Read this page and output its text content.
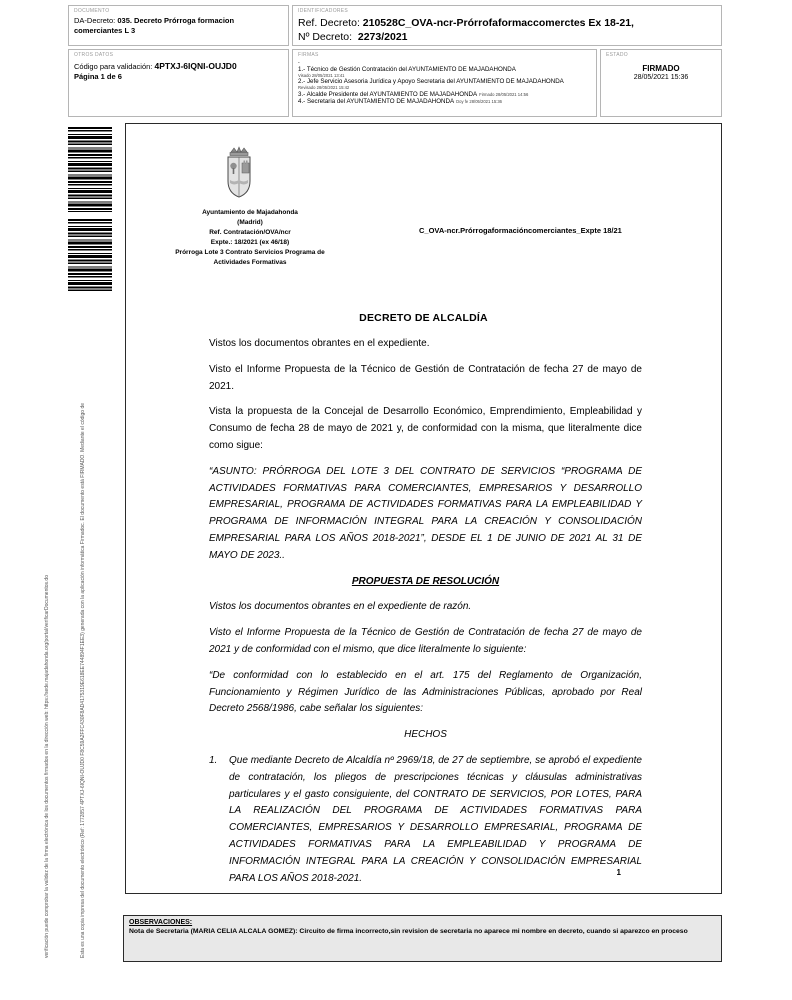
DOCUMENTO
DA-Decreto: 035. Decreto Prórroga formacion comerciantes L 3
IDENTIFICADORES
Ref. Decreto: 210528C_OVA-ncr-Prórrofaformaccomerctes Ex 18-21,
Nº Decreto: 2273/2021
OTROS DATOS
Código para validación: 4PTXJ-6IQNI-OUJD0
Página 1 de 6
FIRMAS
-
1.- Técnico de Gestión Contratación del AYUNTAMIENTO DE MAJADAHONDA
Visado 28/05/2021 13:41
2.- Jefe Servicio Asesoria Jurídica y Apoyo Secretaria del AYUNTAMIENTO DE MAJADAHONDA
Revisado 28/05/2021 15:42
3.- Alcalde Presidente del AYUNTAMIENTO DE MAJADAHONDA Firmado 28/05/2021 14:56
4.- Secretaria del AYUNTAMIENTO DE MAJADAHONDA Doy fe 28/05/2021 15:36
ESTADO
FIRMADO
28/05/2021 15:36
Esta es una copia impresa del documento electrónico (Ref: 1772857 4PTXJ-6IQNI-OUJD0 F8C59A2FFC430F8AD4175319E618EE744894F1EE3) generada con la aplicación informática Firmadoc. El documento está FIRMADO. Mediante el código de
verificación puede comprobar la validez de la firma electrónica de los documentos firmados en la dirección web: https://sede.majadahonda.org/portal/verificarDocumentos.do
Ayuntamiento de Majadahonda
(Madrid)
Ref. Contratación/OVA/ncr
Expte.: 18/2021 (ex 46/18)
Prórroga Lote 3 Contrato Servicios Programa de
Actividades Formativas
C_OVA-ncr.Prórrogaformacióncomerciantes_Expte 18/21
DECRETO DE ALCALDÍA

Vistos los documentos obrantes en el expediente.

Visto el Informe Propuesta de la Técnico de Gestión de Contratación de fecha 27 de mayo de 2021.

Vista la propuesta de la Concejal de Desarrollo Económico, Emprendimiento, Empleabilidad y Consumo de fecha 28 de mayo de 2021 y, de conformidad con la misma, que literalmente dice como sigue:

“ASUNTO: PRÓRROGA DEL LOTE 3 DEL CONTRATO DE SERVICIOS “PROGRAMA DE ACTIVIDADES FORMATIVAS PARA COMERCIANTES, EMPRESARIOS Y DESARROLLO EMPRESARIAL, PROGRAMA DE ACTIVIDADES FORMATIVAS PARA LA EMPLEABILIDAD Y PROGRAMA DE INFORMACIÓN INTEGRAL PARA LA CREACIÓN Y CONSOLIDACIÓN EMPRESARIAL PARA LOS AÑOS 2018-2021”, DESDE EL 1 DE JUNIO DE 2021 AL 31 DE MAYO DE 2023..

PROPUESTA DE RESOLUCIÓN

Vistos los documentos obrantes en el expediente de razón.

Visto el Informe Propuesta de la Técnico de Gestión de Contratación de fecha 27 de mayo de 2021 y de conformidad con el mismo, que dice literalmente lo siguiente:

“De conformidad con lo establecido en el art. 175 del Reglamento de Organización, Funcionamiento y Régimen Jurídico de las Administraciones Públicas, aprobado por Real Decreto 2568/1986, cabe señalar los siguientes:

HECHOS

1.	Que mediante Decreto de Alcaldía nº 2969/18, de 27 de septiembre, se aprobó el expediente de contratación, los pliegos de prescripciones técnicas y cláusulas administrativas particulares y el gasto consiguiente, del CONTRATO DE SERVICIOS, POR LOTES, PARA LA REALIZACIÓN DEL PROGRAMA DE ACTIVIDADES FORMATIVAS PARA COMERCIANTES, EMPRESARIOS Y DESARROLLO EMPRESARIAL, PROGRAMA DE ACTIVIDADES FORMATIVAS PARA LA EMPLEABILIDAD Y PROGRAMA DE INFORMACIÓN INTEGRAL PARA LA CREACIÓN Y CONSOLIDACIÓN EMPRESARIAL PARA LOS AÑOS 2018-2021.
1
OBSERVACIONES:
Nota de Secretaria (MARIA CELIA ALCALA GOMEZ): Circuito de firma incorrecto,sin revision de secretaria no aparece mi nombre en decreto, cuando si aparezco en proceso
